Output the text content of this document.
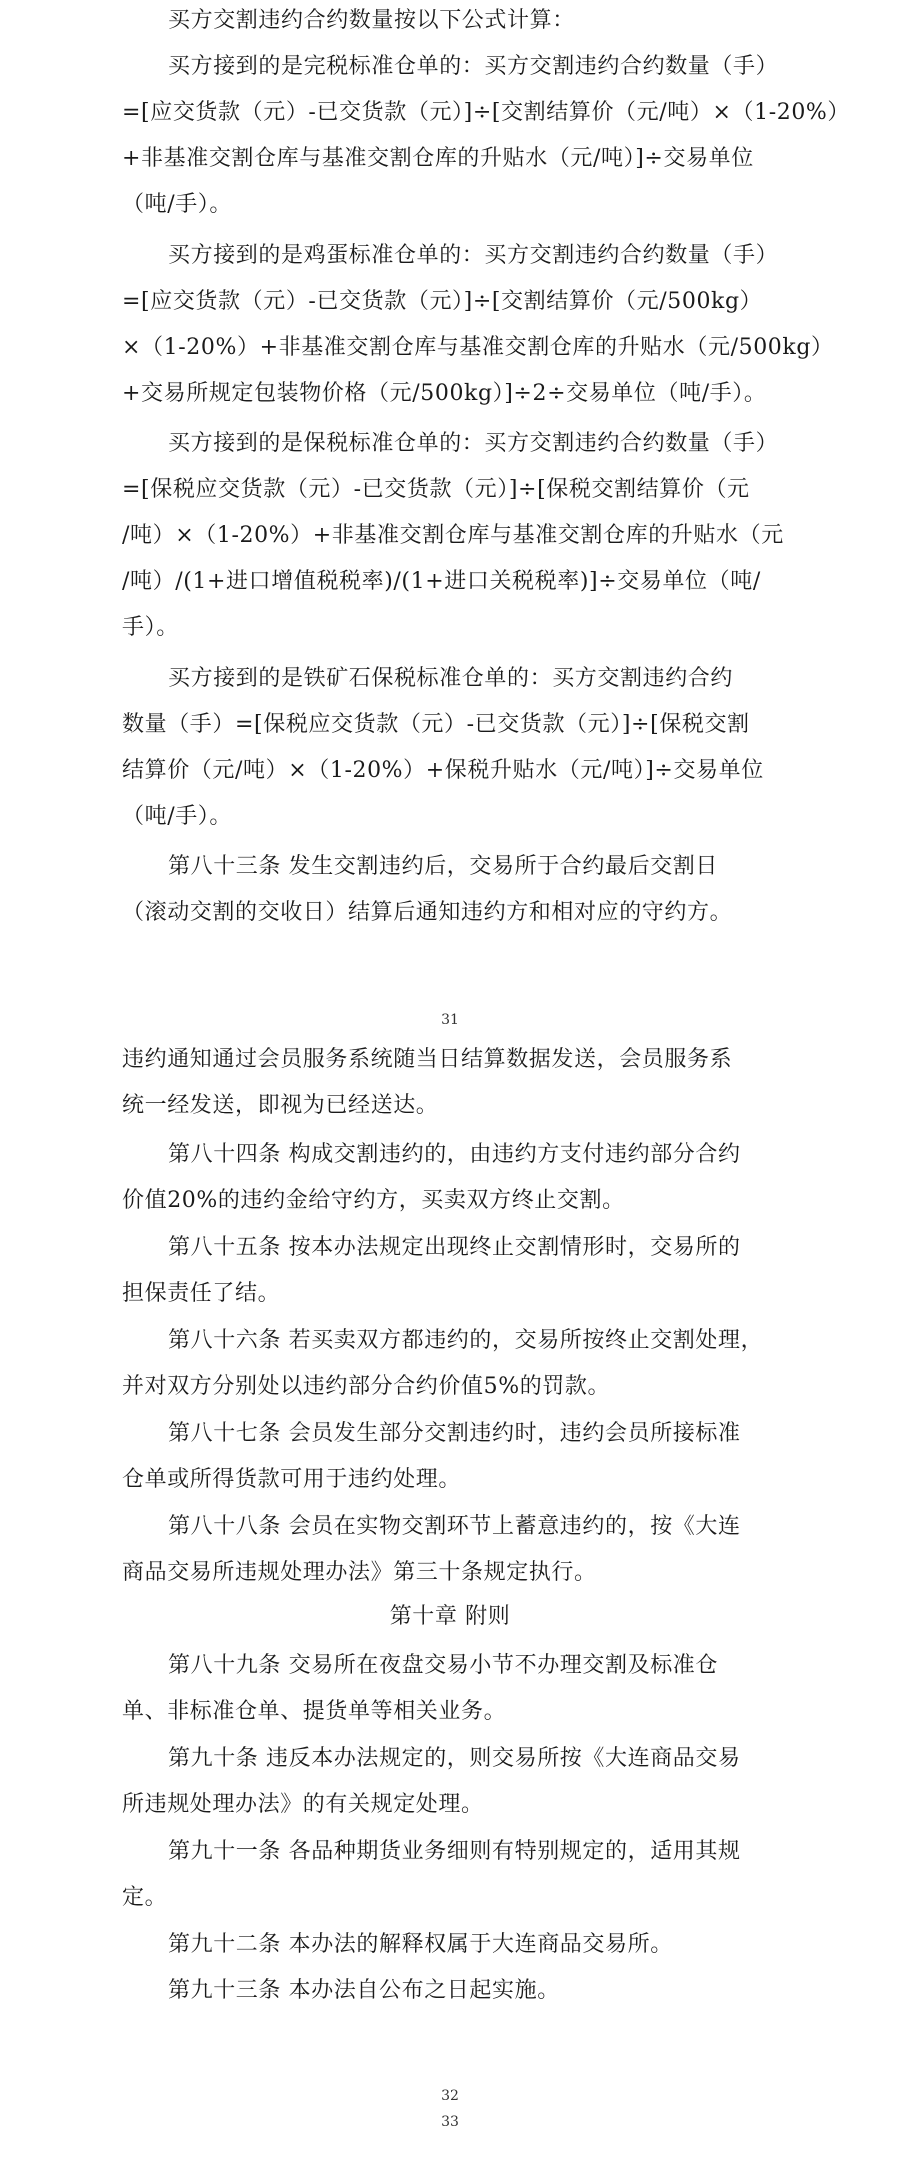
买方交割违约合约数量按以下公式计算：
买方接到的是完税标准仓单的：买方交割违约合约数量（手）
=[应交货款（元）-已交货款（元）]÷[交割结算价（元/吨）×（1-20%）
+非基准交割仓库与基准交割仓库的升贴水（元/吨）]÷交易单位
（吨/手）。
买方接到的是鸡蛋标准仓单的：买方交割违约合约数量（手）
=[应交货款（元）-已交货款（元）]÷[交割结算价（元/500kg）
×（1-20%）+非基准交割仓库与基准交割仓库的升贴水（元/500kg）
+交易所规定包装物价格（元/500kg）]÷2÷交易单位（吨/手）。
买方接到的是保税标准仓单的：买方交割违约合约数量（手）
=[保税应交货款（元）-已交货款（元）]÷[保税交割结算价（元
/吨）×（1-20%）+非基准交割仓库与基准交割仓库的升贴水（元
/吨）/(1+进口增值税税率)/(1+进口关税税率)]÷交易单位（吨/
手）。
买方接到的是铁矿石保税标准仓单的：买方交割违约合约
数量（手）=[保税应交货款（元）-已交货款（元）]÷[保税交割
结算价（元/吨）×（1-20%）+保税升贴水（元/吨）]÷交易单位
（吨/手）。
第八十三条 发生交割违约后，交易所于合约最后交割日
（滚动交割的交收日）结算后通知违约方和相对应的守约方。
31
违约通知通过会员服务系统随当日结算数据发送，会员服务系
统一经发送，即视为已经送达。
第八十四条 构成交割违约的，由违约方支付违约部分合约
价值20%的违约金给守约方，买卖双方终止交割。
第八十五条 按本办法规定出现终止交割情形时，交易所的
担保责任了结。
第八十六条 若买卖双方都违约的，交易所按终止交割处理，
并对双方分别处以违约部分合约价值5%的罚款。
第八十七条 会员发生部分交割违约时，违约会员所接标准
仓单或所得货款可用于违约处理。
第八十八条 会员在实物交割环节上蓄意违约的，按《大连
商品交易所违规处理办法》第三十条规定执行。
第十章 附则
第八十九条 交易所在夜盘交易小节不办理交割及标准仓
单、非标准仓单、提货单等相关业务。
第九十条 违反本办法规定的，则交易所按《大连商品交易
所违规处理办法》的有关规定处理。
第九十一条 各品种期货业务细则有特别规定的，适用其规
定。
第九十二条 本办法的解释权属于大连商品交易所。
第九十三条 本办法自公布之日起实施。
32
33
